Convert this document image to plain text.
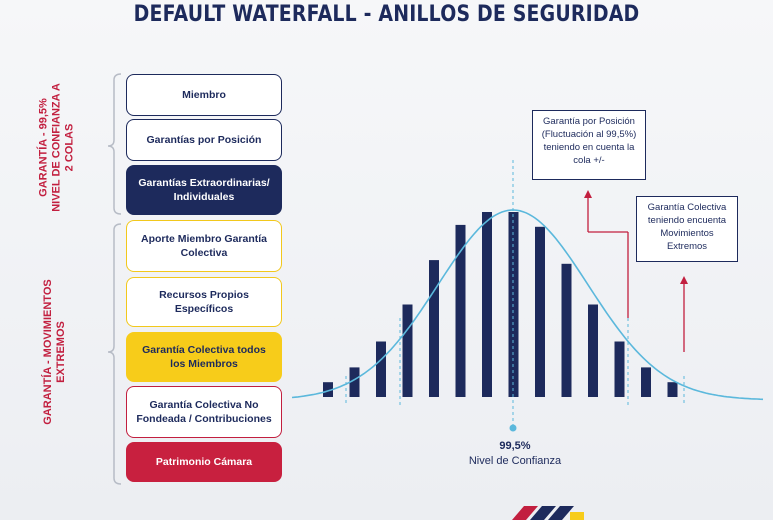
DEFAULT WATERFALL - ANILLOS DE SEGURIDAD
GARANTÍA - 99,5% NIVEL DE CONFIANZA A 2 COLAS
GARANTÍA - MOVIMIENTOS EXTREMOS
Miembro
Garantías por Posición
Garantías Extraordinarias/ Individuales
Aporte Miembro Garantía Colectiva
Recursos Propios Específicos
Garantía Colectiva todos los Miembros
Garantía Colectiva No Fondeada / Contribuciones
Patrimonio Cámara
Garantía por Posición (Fluctuación al 99,5%) teniendo en cuenta la cola +/-
Garantía Colectiva teniendo encuenta Movimientos Extremos
99,5%
Nivel de Confianza
